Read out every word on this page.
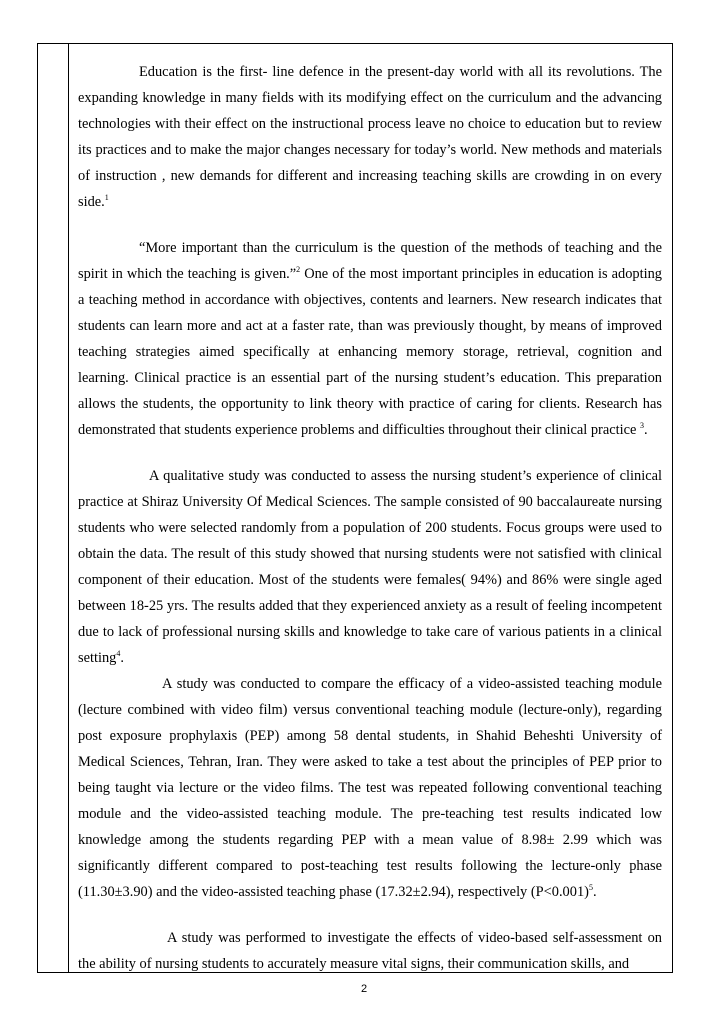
Education is the first- line defence in the present-day world with all its revolutions. The expanding knowledge in many fields with its modifying effect on the curriculum and the advancing technologies with their effect on the instructional process leave no choice to education but to review its practices and to make the major changes necessary for today’s world. New methods and materials of instruction , new demands for different and increasing teaching skills are crowding in on every side.$^1$

“More important than the curriculum is the question of the methods of teaching and the spirit in which the teaching is given.”$^2$ One of the most important principles in education is adopting a teaching method in accordance with objectives, contents and learners. New research indicates that students can learn more and act at a faster rate, than was previously thought, by means of improved teaching strategies aimed specifically at enhancing memory storage, retrieval, cognition and learning. Clinical practice is an essential part of the nursing student’s education. This preparation allows the students, the opportunity to link theory with practice of caring for clients. Research has demonstrated that students experience problems and difficulties throughout their clinical practice $^3$.

A qualitative study was conducted to assess the nursing student’s experience of clinical practice at Shiraz University Of Medical Sciences. The sample consisted of 90 baccalaureate nursing students who were selected randomly from a population of 200 students. Focus groups were used to obtain the data. The result of this study showed that nursing students were not satisfied with clinical component of their education. Most of the students were females( 94%) and 86% were single aged between 18-25 yrs. The results added that they experienced anxiety as a result of feeling incompetent due to lack of professional nursing skills and knowledge to take care of various patients in a clinical setting$^4$.

A study was conducted to compare the efficacy of a video-assisted teaching module (lecture combined with video film) versus conventional teaching module (lecture-only), regarding post exposure prophylaxis (PEP) among 58 dental students, in Shahid Beheshti University of Medical Sciences, Tehran, Iran. They were asked to take a test about the principles of PEP prior to being taught via lecture or the video films. The test was repeated following conventional teaching module and the video-assisted teaching module. The pre-teaching test results indicated low knowledge among the students regarding PEP with a mean value of 8.98± 2.99 which was significantly different compared to post-teaching test results following the lecture-only phase (11.30±3.90) and the video-assisted teaching phase (17.32±2.94), respectively (P<0.001)$^5$.

A study was performed to investigate the effects of video-based self-assessment on the ability of nursing students to accurately measure vital signs, their communication skills, and

2
